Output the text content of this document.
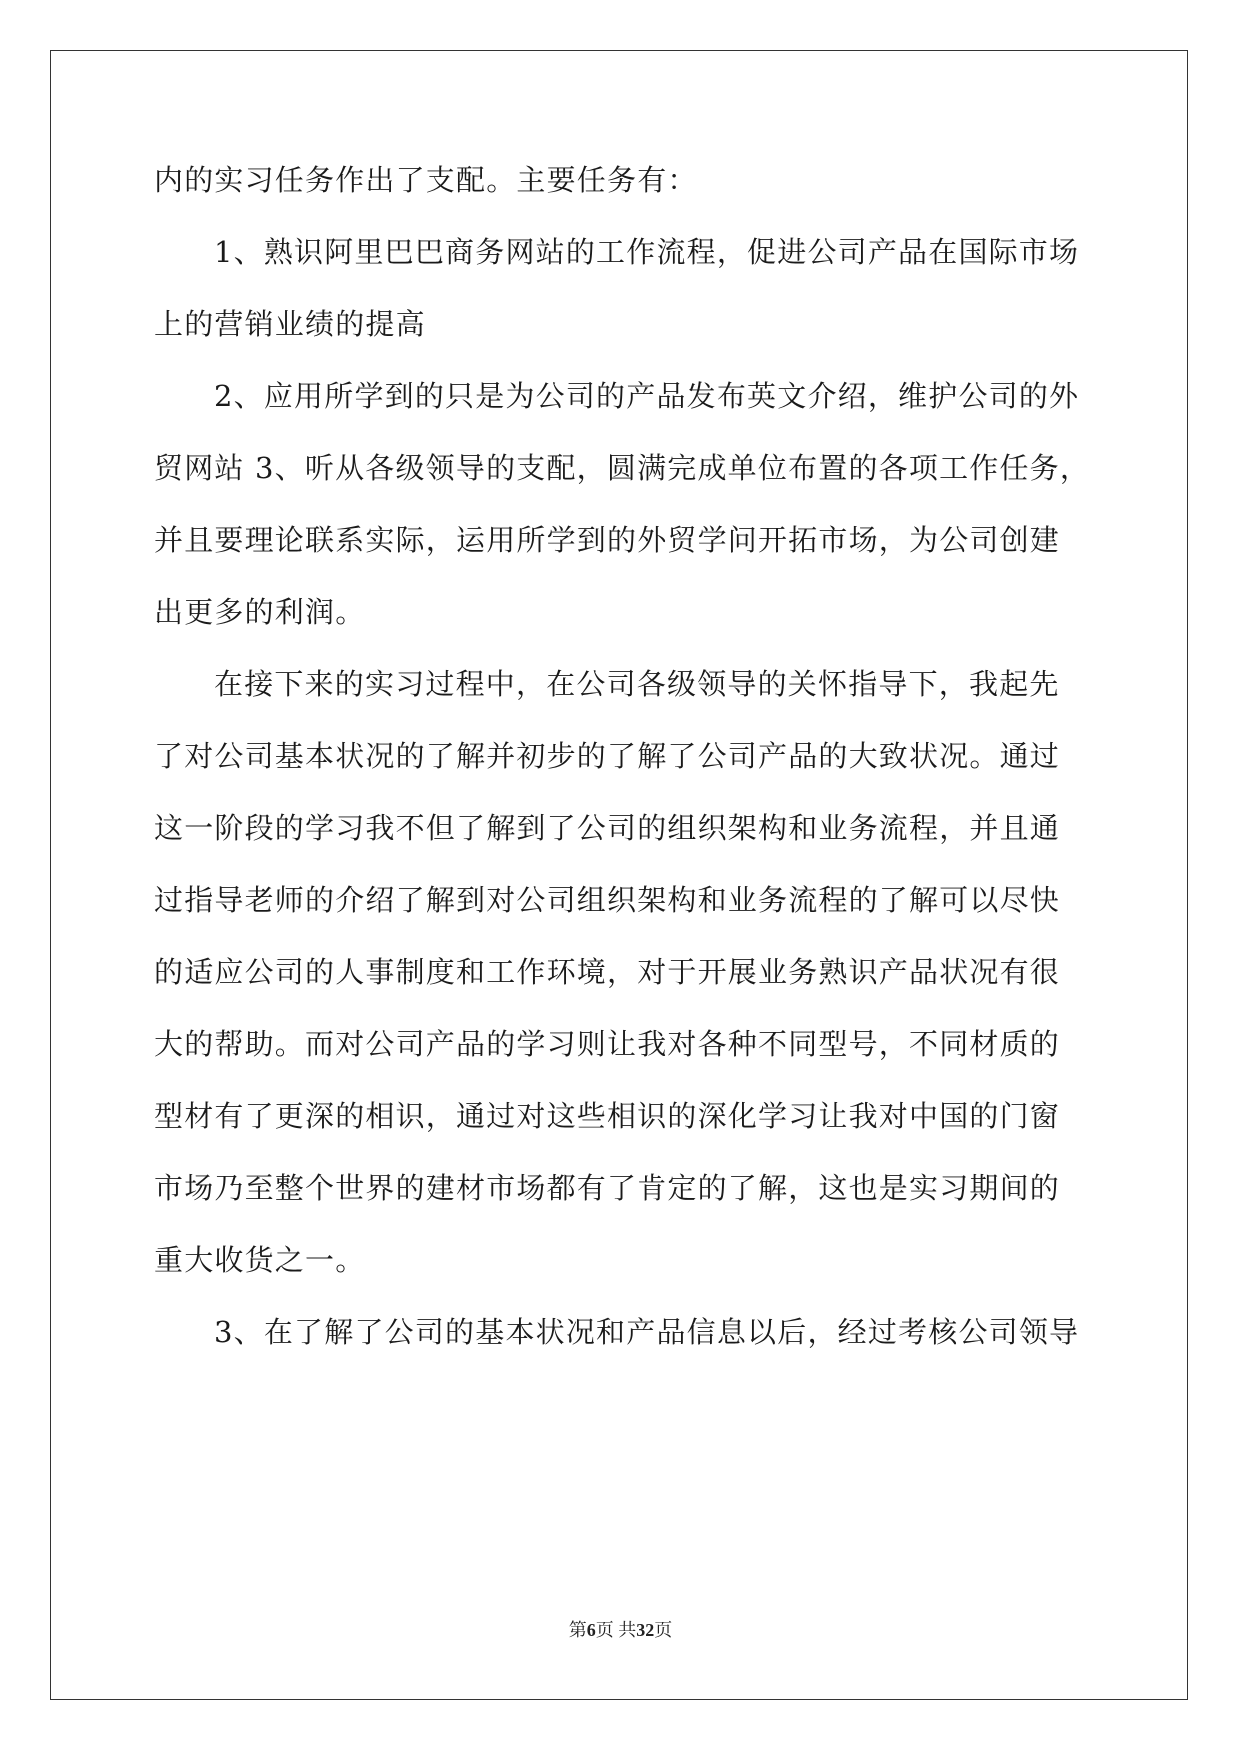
内的实习任务作出了支配。主要任务有：
1、熟识阿里巴巴商务网站的工作流程，促进公司产品在国际市场
上的营销业绩的提高
2、应用所学到的只是为公司的产品发布英文介绍，维护公司的外
贸网站 3、听从各级领导的支配，圆满完成单位布置的各项工作任务，
并且要理论联系实际，运用所学到的外贸学问开拓市场，为公司创建
出更多的利润。
在接下来的实习过程中，在公司各级领导的关怀指导下，我起先
了对公司基本状况的了解并初步的了解了公司产品的大致状况。通过
这一阶段的学习我不但了解到了公司的组织架构和业务流程，并且通
过指导老师的介绍了解到对公司组织架构和业务流程的了解可以尽快
的适应公司的人事制度和工作环境，对于开展业务熟识产品状况有很
大的帮助。而对公司产品的学习则让我对各种不同型号，不同材质的
型材有了更深的相识，通过对这些相识的深化学习让我对中国的门窗
市场乃至整个世界的建材市场都有了肯定的了解，这也是实习期间的
重大收货之一。
3、在了解了公司的基本状况和产品信息以后，经过考核公司领导
第6页 共32页
